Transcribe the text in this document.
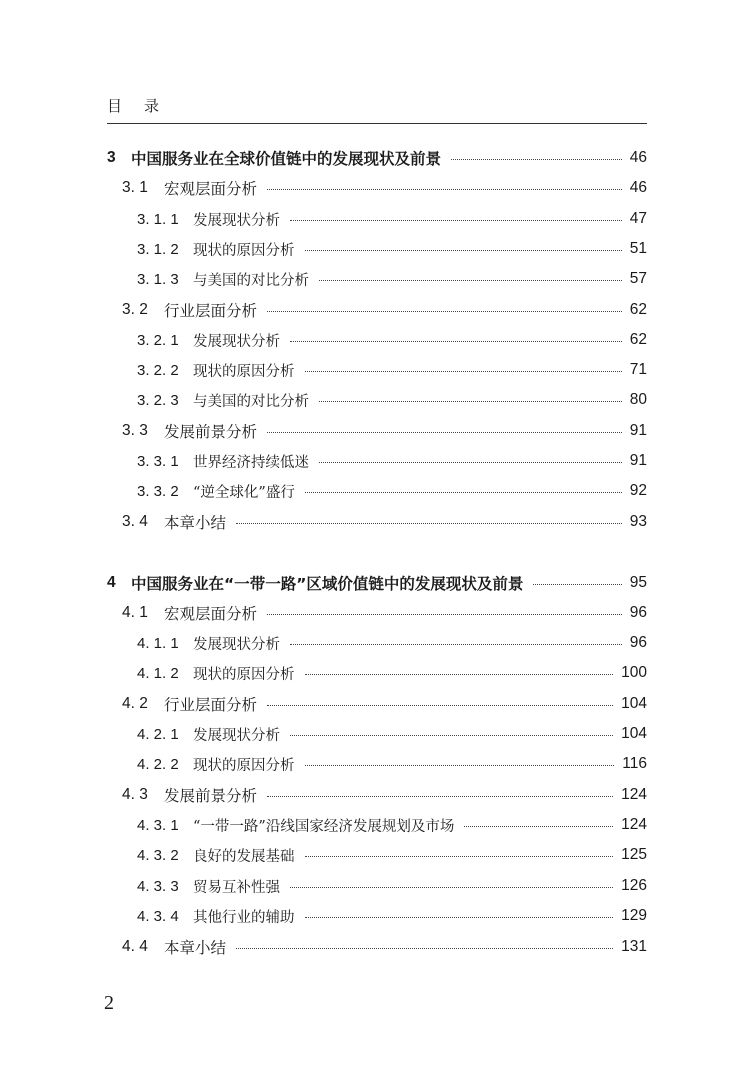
目录
3 中国服务业在全球价值链中的发展现状及前景	46
3. 1	宏观层面分析	46
3. 1. 1 发展现状分析	47
3. 1. 2 现状的原因分析	51
3. 1. 3 与美国的对比分析	57
3. 2	行业层面分析	62
3. 2. 1 发展现状分析	62
3. 2. 2 现状的原因分析	71
3. 2. 3 与美国的对比分析	80
3. 3	发展前景分析	91
3. 3. 1 世界经济持续低迷	91
3. 3. 2 “逆全球化”盛行	92
3. 4	本章小结	93
4 中国服务业在“一带一路”区域价值链中的发展现状及前景	95
4. 1	宏观层面分析	96
4. 1. 1 发展现状分析	96
4. 1. 2 现状的原因分析	100
4. 2	行业层面分析	104
4. 2. 1 发展现状分析	104
4. 2. 2 现状的原因分析	116
4. 3	发展前景分析	124
4. 3. 1 “一带一路”沿线国家经济发展规划及市场	124
4. 3. 2 良好的发展基础	125
4. 3. 3 贸易互补性强	126
4. 3. 4 其他行业的辅助	129
4. 4	本章小结	131
2
